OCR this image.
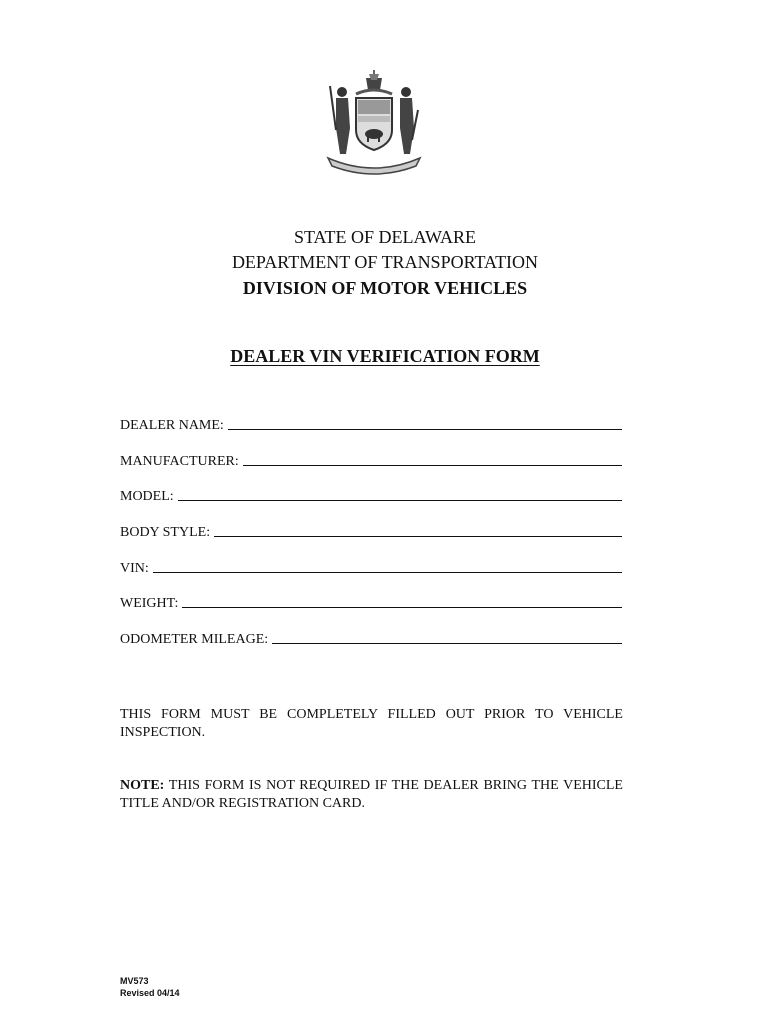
STATE OF DELAWARE
DEPARTMENT OF TRANSPORTATION
DIVISION OF MOTOR VEHICLES
DEALER VIN VERIFICATION FORM
DEALER NAME:
MANUFACTURER:
MODEL:
BODY STYLE:
VIN:
WEIGHT:
ODOMETER MILEAGE:
THIS FORM MUST BE COMPLETELY FILLED OUT PRIOR TO VEHICLE INSPECTION.
NOTE: THIS FORM IS NOT REQUIRED IF THE DEALER BRING THE VEHICLE TITLE AND/OR REGISTRATION CARD.
MV573
Revised 04/14
